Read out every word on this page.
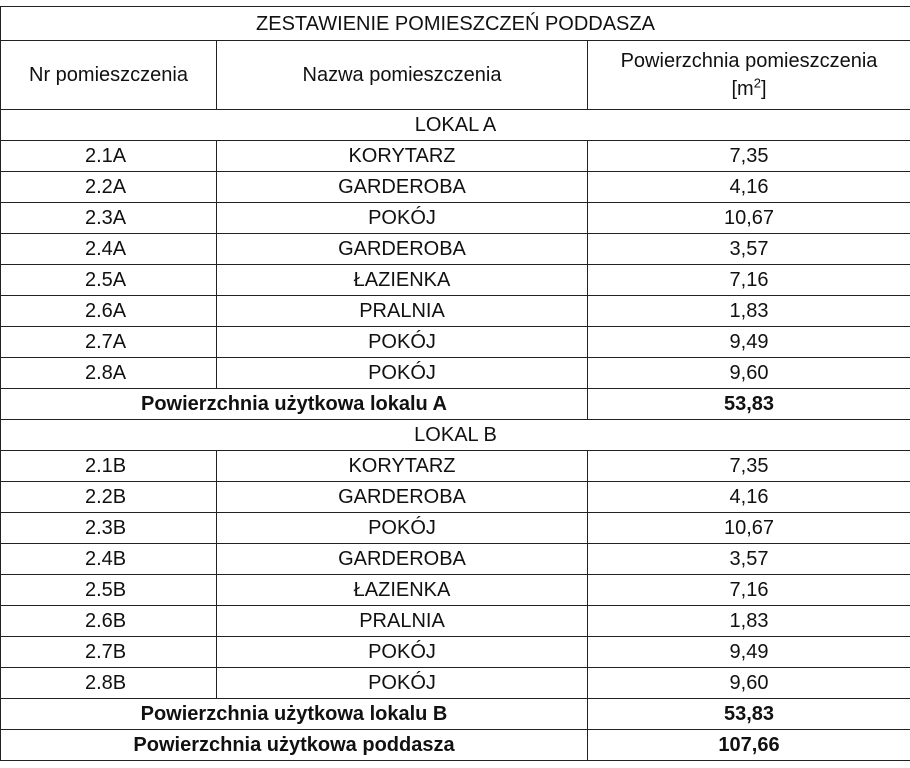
ZESTAWIENIE POMIESZCZEŃ PODDASZA		
Nr pomieszczenia	Nazwa pomieszczenia	Powierzchnia pomieszczenia
$[m^2]$
LOKAL A		
2.1A	KORYTARZ	7,35
2.2A	GARDEROBA	4,16
2.3A	POKÓJ	10,67
2.4A	GARDEROBA	3,57
2.5A	ŁAZIENKA	7,16
2.6A	PRALNIA	1,83
2.7A	POKÓJ	9,49
2.8A	POKÓJ	9,60
Powierzchnia użytkowa lokalu A		53,83
LOKAL B		
2.1B	KORYTARZ	7,35
2.2B	GARDEROBA	4,16
2.3B	POKÓJ	10,67
2.4B	GARDEROBA	3,57
2.5B	ŁAZIENKA	7,16
2.6B	PRALNIA	1,83
2.7B	POKÓJ	9,49
2.8B	POKÓJ	9,60
Powierzchnia użytkowa lokalu B		53,83
Powierzchnia użytkowa poddasza		107,66
